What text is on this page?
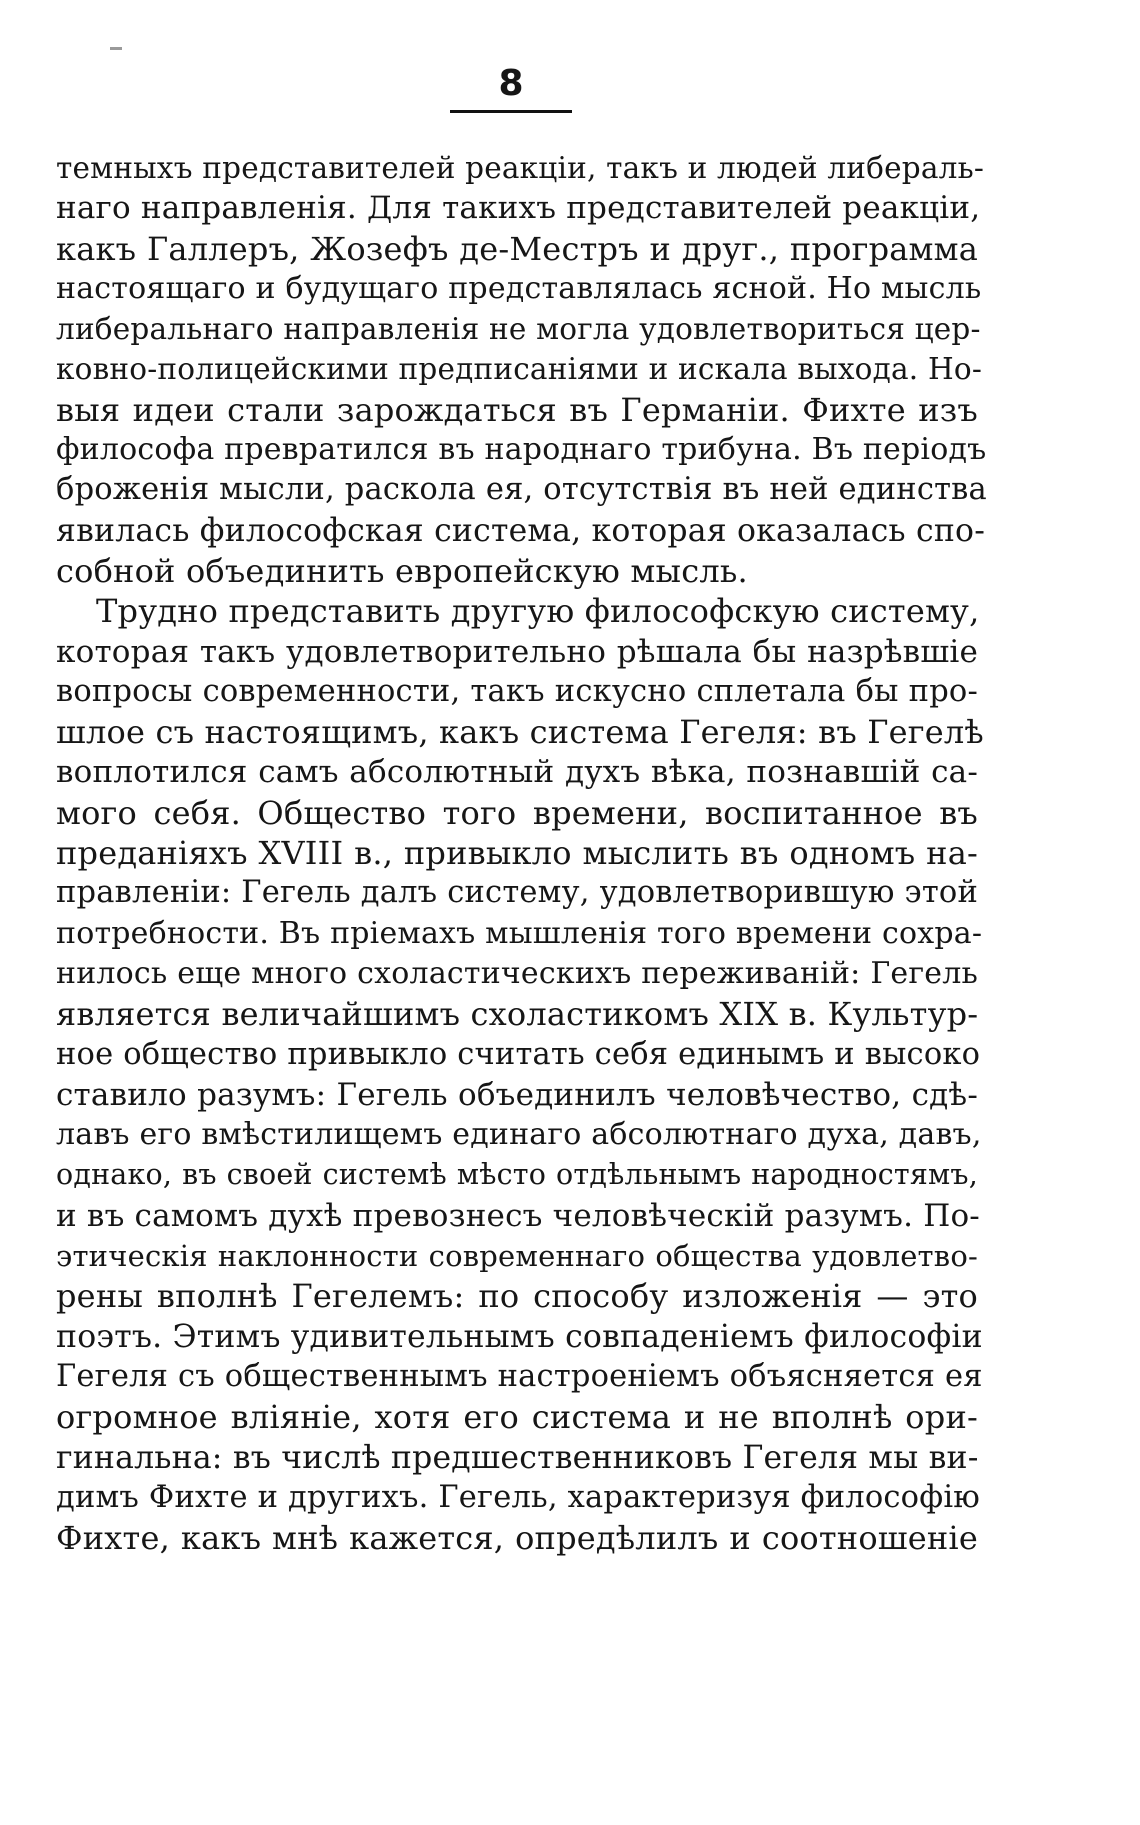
8
темныхъ представителей реакціи, такъ и людей либераль-
наго направленія. Для такихъ представителей реакціи,
какъ Галлеръ, Жозефъ де-Местръ и друг., программа
настоящаго и будущаго представлялась ясной. Но мысль
либеральнаго направленія не могла удовлетвориться цер-
ковно-полицейскими предписаніями и искала выхода. Но-
выя идеи стали зарождаться въ Германіи. Фихте изъ
философа превратился въ народнаго трибуна. Въ періодъ
броженія мысли, раскола ея, отсутствія въ ней единства
явилась философская система, которая оказалась спо-
собной объединить европейскую мысль.
Трудно представить другую философскую систему,
которая такъ удовлетворительно рѣшала бы назрѣвшіе
вопросы современности, такъ искусно сплетала бы про-
шлое съ настоящимъ, какъ система Гегеля: въ Гегелѣ
воплотился самъ абсолютный духъ вѣка, познавшій са-
мого себя. Общество того времени, воспитанное въ
преданіяхъ XVIII в., привыкло мыслить въ одномъ на-
правленіи: Гегель далъ систему, удовлетворившую этой
потребности. Въ пріемахъ мышленія того времени сохра-
нилось еще много схоластическихъ переживаній: Гегель
является величайшимъ схоластикомъ XIX в. Культур-
ное общество привыкло считать себя единымъ и высоко
ставило разумъ: Гегель объединилъ человѣчество, сдѣ-
лавъ его вмѣстилищемъ единаго абсолютнаго духа, давъ,
однако, въ своей системѣ мѣсто отдѣльнымъ народностямъ,
и въ самомъ духѣ превознесъ человѣческій разумъ. По-
этическія наклонности современнаго общества удовлетво-
рены вполнѣ Гегелемъ: по способу изложенія — это
поэтъ. Этимъ удивительнымъ совпаденіемъ философіи
Гегеля съ общественнымъ настроеніемъ объясняется ея
огромное вліяніе, хотя его система и не вполнѣ ори-
гинальна: въ числѣ предшественниковъ Гегеля мы ви-
димъ Фихте и другихъ. Гегель, характеризуя философію
Фихте, какъ мнѣ кажется, опредѣлилъ и соотношеніе
